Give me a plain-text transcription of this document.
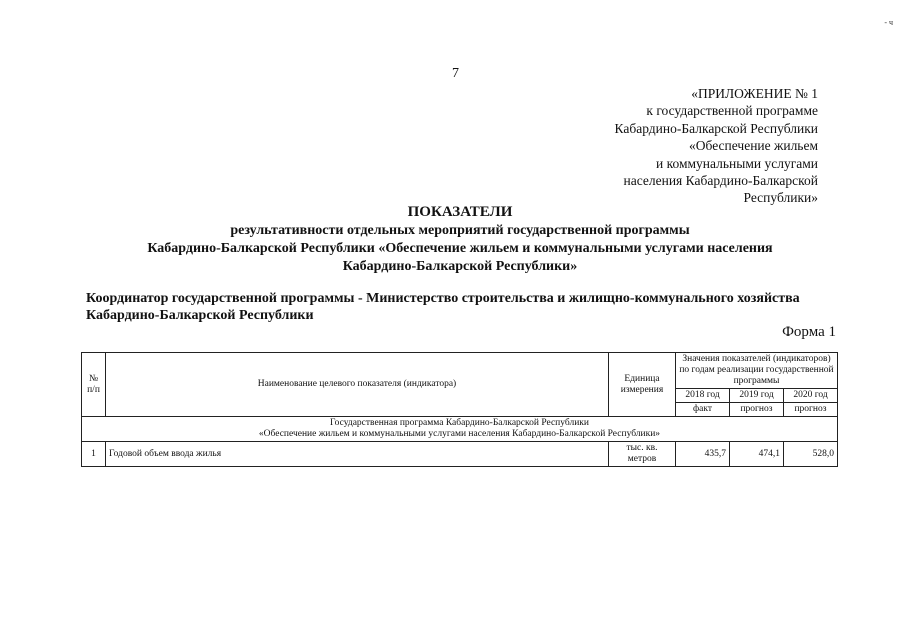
7
- ч
«ПРИЛОЖЕНИЕ № 1
к государственной программе
Кабардино-Балкарской Республики
«Обеспечение жильем
и коммунальными услугами
населения Кабардино-Балкарской
Республики»
ПОКАЗАТЕЛИ
результативности отдельных мероприятий государственной программы
Кабардино-Балкарской Республики «Обеспечение жильем и коммунальными услугами населения
Кабардино-Балкарской Республики»
Координатор государственной программы - Министерство строительства и жилищно-коммунального хозяйства Кабардино-Балкарской Республики
Форма 1
№ п/п	Наименование целевого показателя (индикатора)	Единица измерения	Значения показателей (индикаторов) по годам реализации государственной программы		
			2018 год	2019 год	2020 год
			факт	прогноз	прогноз

Государственная программа Кабардино-Балкарской Республики
«Обеспечение жильем и коммунальными услугами населения Кабардино-Балкарской Республики»					

1	Годовой объем ввода жилья	тыс. кв. метров	435,7	474,1	528,0
